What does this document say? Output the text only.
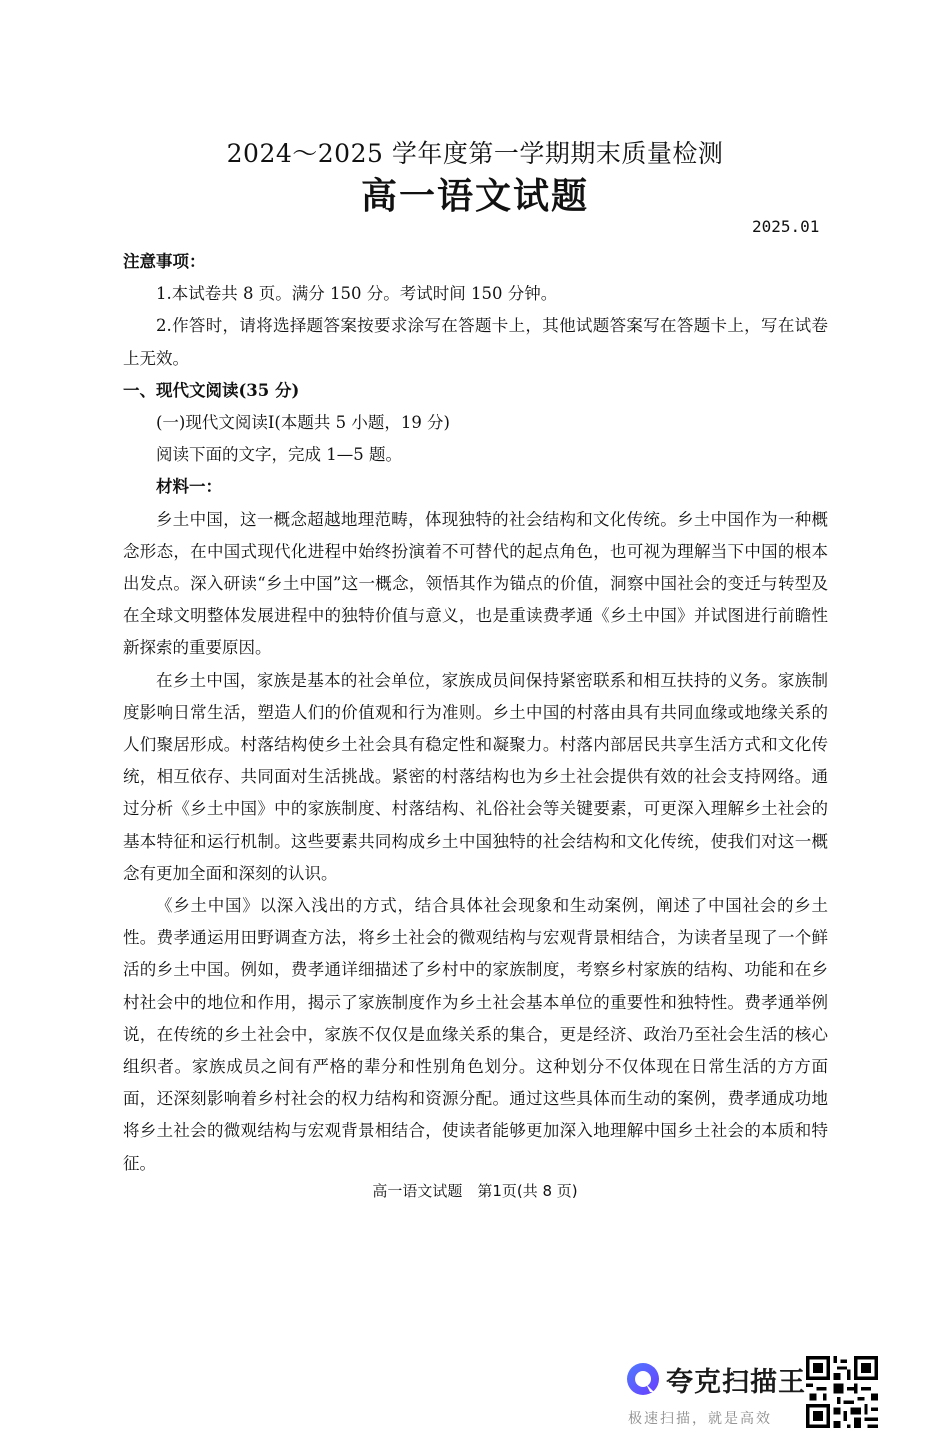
2024～2025 学年度第一学期期末质量检测
高一语文试题
2025.01

注意事项：

1.本试卷共 8 页。满分 150 分。考试时间 150 分钟。

2.作答时，请将选择题答案按要求涂写在答题卡上，其他试题答案写在答题卡上，写在试卷上无效。

一、现代文阅读(35 分)

(一)现代文阅读Ⅰ(本题共 5 小题，19 分)

阅读下面的文字，完成 1—5 题。

材料一：

乡土中国，这一概念超越地理范畴，体现独特的社会结构和文化传统。乡土中国作为一种概念形态，在中国式现代化进程中始终扮演着不可替代的起点角色，也可视为理解当下中国的根本出发点。深入研读“乡土中国”这一概念，领悟其作为锚点的价值，洞察中国社会的变迁与转型及在全球文明整体发展进程中的独特价值与意义，也是重读费孝通《乡土中国》并试图进行前瞻性新探索的重要原因。

在乡土中国，家族是基本的社会单位，家族成员间保持紧密联系和相互扶持的义务。家族制度影响日常生活，塑造人们的价值观和行为准则。乡土中国的村落由具有共同血缘或地缘关系的人们聚居形成。村落结构使乡土社会具有稳定性和凝聚力。村落内部居民共享生活方式和文化传统，相互依存、共同面对生活挑战。紧密的村落结构也为乡土社会提供有效的社会支持网络。通过分析《乡土中国》中的家族制度、村落结构、礼俗社会等关键要素，可更深入理解乡土社会的基本特征和运行机制。这些要素共同构成乡土中国独特的社会结构和文化传统，使我们对这一概念有更加全面和深刻的认识。

《乡土中国》以深入浅出的方式，结合具体社会现象和生动案例，阐述了中国社会的乡土性。费孝通运用田野调查方法，将乡土社会的微观结构与宏观背景相结合，为读者呈现了一个鲜活的乡土中国。例如，费孝通详细描述了乡村中的家族制度，考察乡村家族的结构、功能和在乡村社会中的地位和作用，揭示了家族制度作为乡土社会基本单位的重要性和独特性。费孝通举例说，在传统的乡土社会中，家族不仅仅是血缘关系的集合，更是经济、政治乃至社会生活的核心组织者。家族成员之间有严格的辈分和性别角色划分。这种划分不仅体现在日常生活的方方面面，还深刻影响着乡村社会的权力结构和资源分配。通过这些具体而生动的案例，费孝通成功地将乡土社会的微观结构与宏观背景相结合，使读者能够更加深入地理解中国乡土社会的本质和特征。

高一语文试题　第1页(共 8 页)
夸克扫描王
极速扫描，就是高效
